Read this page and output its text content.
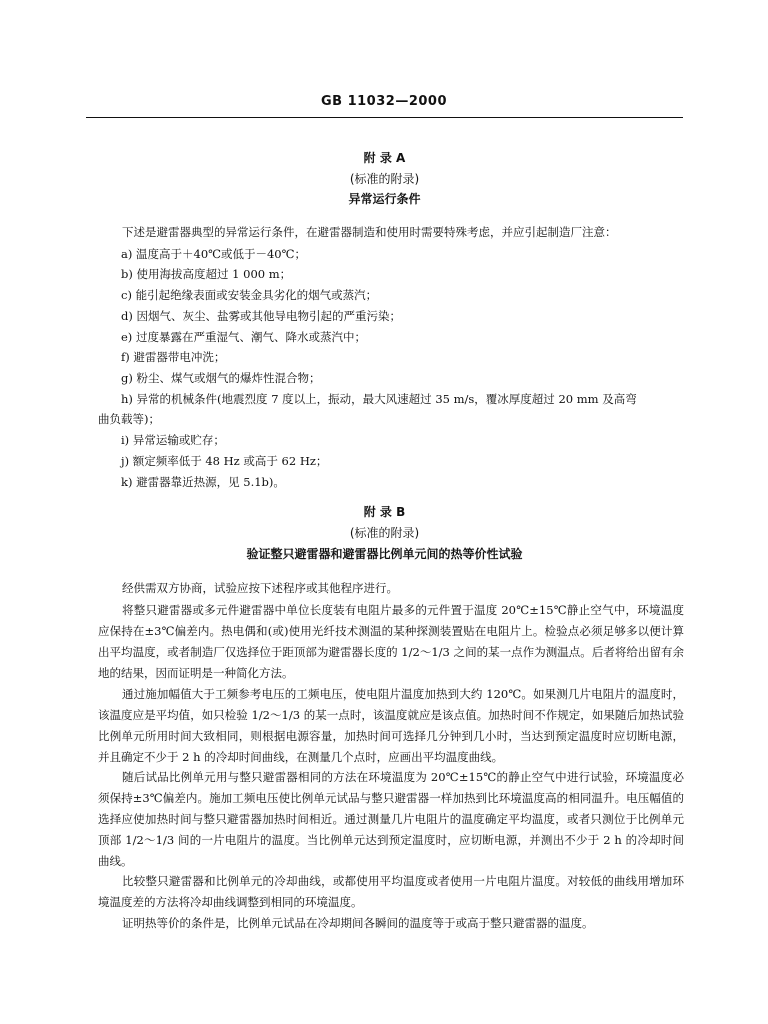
GB 11032—2000
附 录 A
(标准的附录)
异常运行条件

下述是避雷器典型的异常运行条件，在避雷器制造和使用时需要特殊考虑，并应引起制造厂注意：

a) 温度高于＋40℃或低于－40℃；
b) 使用海拔高度超过 1 000 m；
c) 能引起绝缘表面或安装金具劣化的烟气或蒸汽；
d) 因烟气、灰尘、盐雾或其他导电物引起的严重污染；
e) 过度暴露在严重湿气、潮气、降水或蒸汽中；
f) 避雷器带电冲洗；
g) 粉尘、煤气或烟气的爆炸性混合物；
h) 异常的机械条件(地震烈度 7 度以上，振动，最大风速超过 35 m/s，覆冰厚度超过 20 mm 及高弯
曲负载等)；
i) 异常运输或贮存；
j) 额定频率低于 48 Hz 或高于 62 Hz；
k) 避雷器靠近热源，见 5.1b)。
附 录 B
(标准的附录)
验证整只避雷器和避雷器比例单元间的热等价性试验

经供需双方协商，试验应按下述程序或其他程序进行。

将整只避雷器或多元件避雷器中单位长度装有电阻片最多的元件置于温度 20℃±15℃静止空气中，环境温度应保持在±3℃偏差内。热电偶和(或)使用光纤技术测温的某种探测装置贴在电阻片上。检验点必须足够多以便计算出平均温度，或者制造厂仅选择位于距顶部为避雷器长度的 1/2～1/3 之间的某一点作为测温点。后者将给出留有余地的结果，因而证明是一种简化方法。

通过施加幅值大于工频参考电压的工频电压，使电阻片温度加热到大约 120℃。如果测几片电阻片的温度时，该温度应是平均值，如只检验 1/2～1/3 的某一点时，该温度就应是该点值。加热时间不作规定，如果随后加热试验比例单元所用时间大致相同，则根据电源容量，加热时间可选择几分钟到几小时，当达到预定温度时应切断电源，并且确定不少于 2 h 的冷却时间曲线，在测量几个点时，应画出平均温度曲线。

随后试品比例单元用与整只避雷器相同的方法在环境温度为 20℃±15℃的静止空气中进行试验，环境温度必须保持±3℃偏差内。施加工频电压使比例单元试品与整只避雷器一样加热到比环境温度高的相同温升。电压幅值的选择应使加热时间与整只避雷器加热时间相近。通过测量几片电阻片的温度确定平均温度，或者只测位于比例单元顶部 1/2～1/3 间的一片电阻片的温度。当比例单元达到预定温度时，应切断电源，并测出不少于 2 h 的冷却时间曲线。

比较整只避雷器和比例单元的冷却曲线，或都使用平均温度或者使用一片电阻片温度。对较低的曲线用增加环境温度差的方法将冷却曲线调整到相同的环境温度。

证明热等价的条件是，比例单元试品在冷却期间各瞬间的温度等于或高于整只避雷器的温度。
